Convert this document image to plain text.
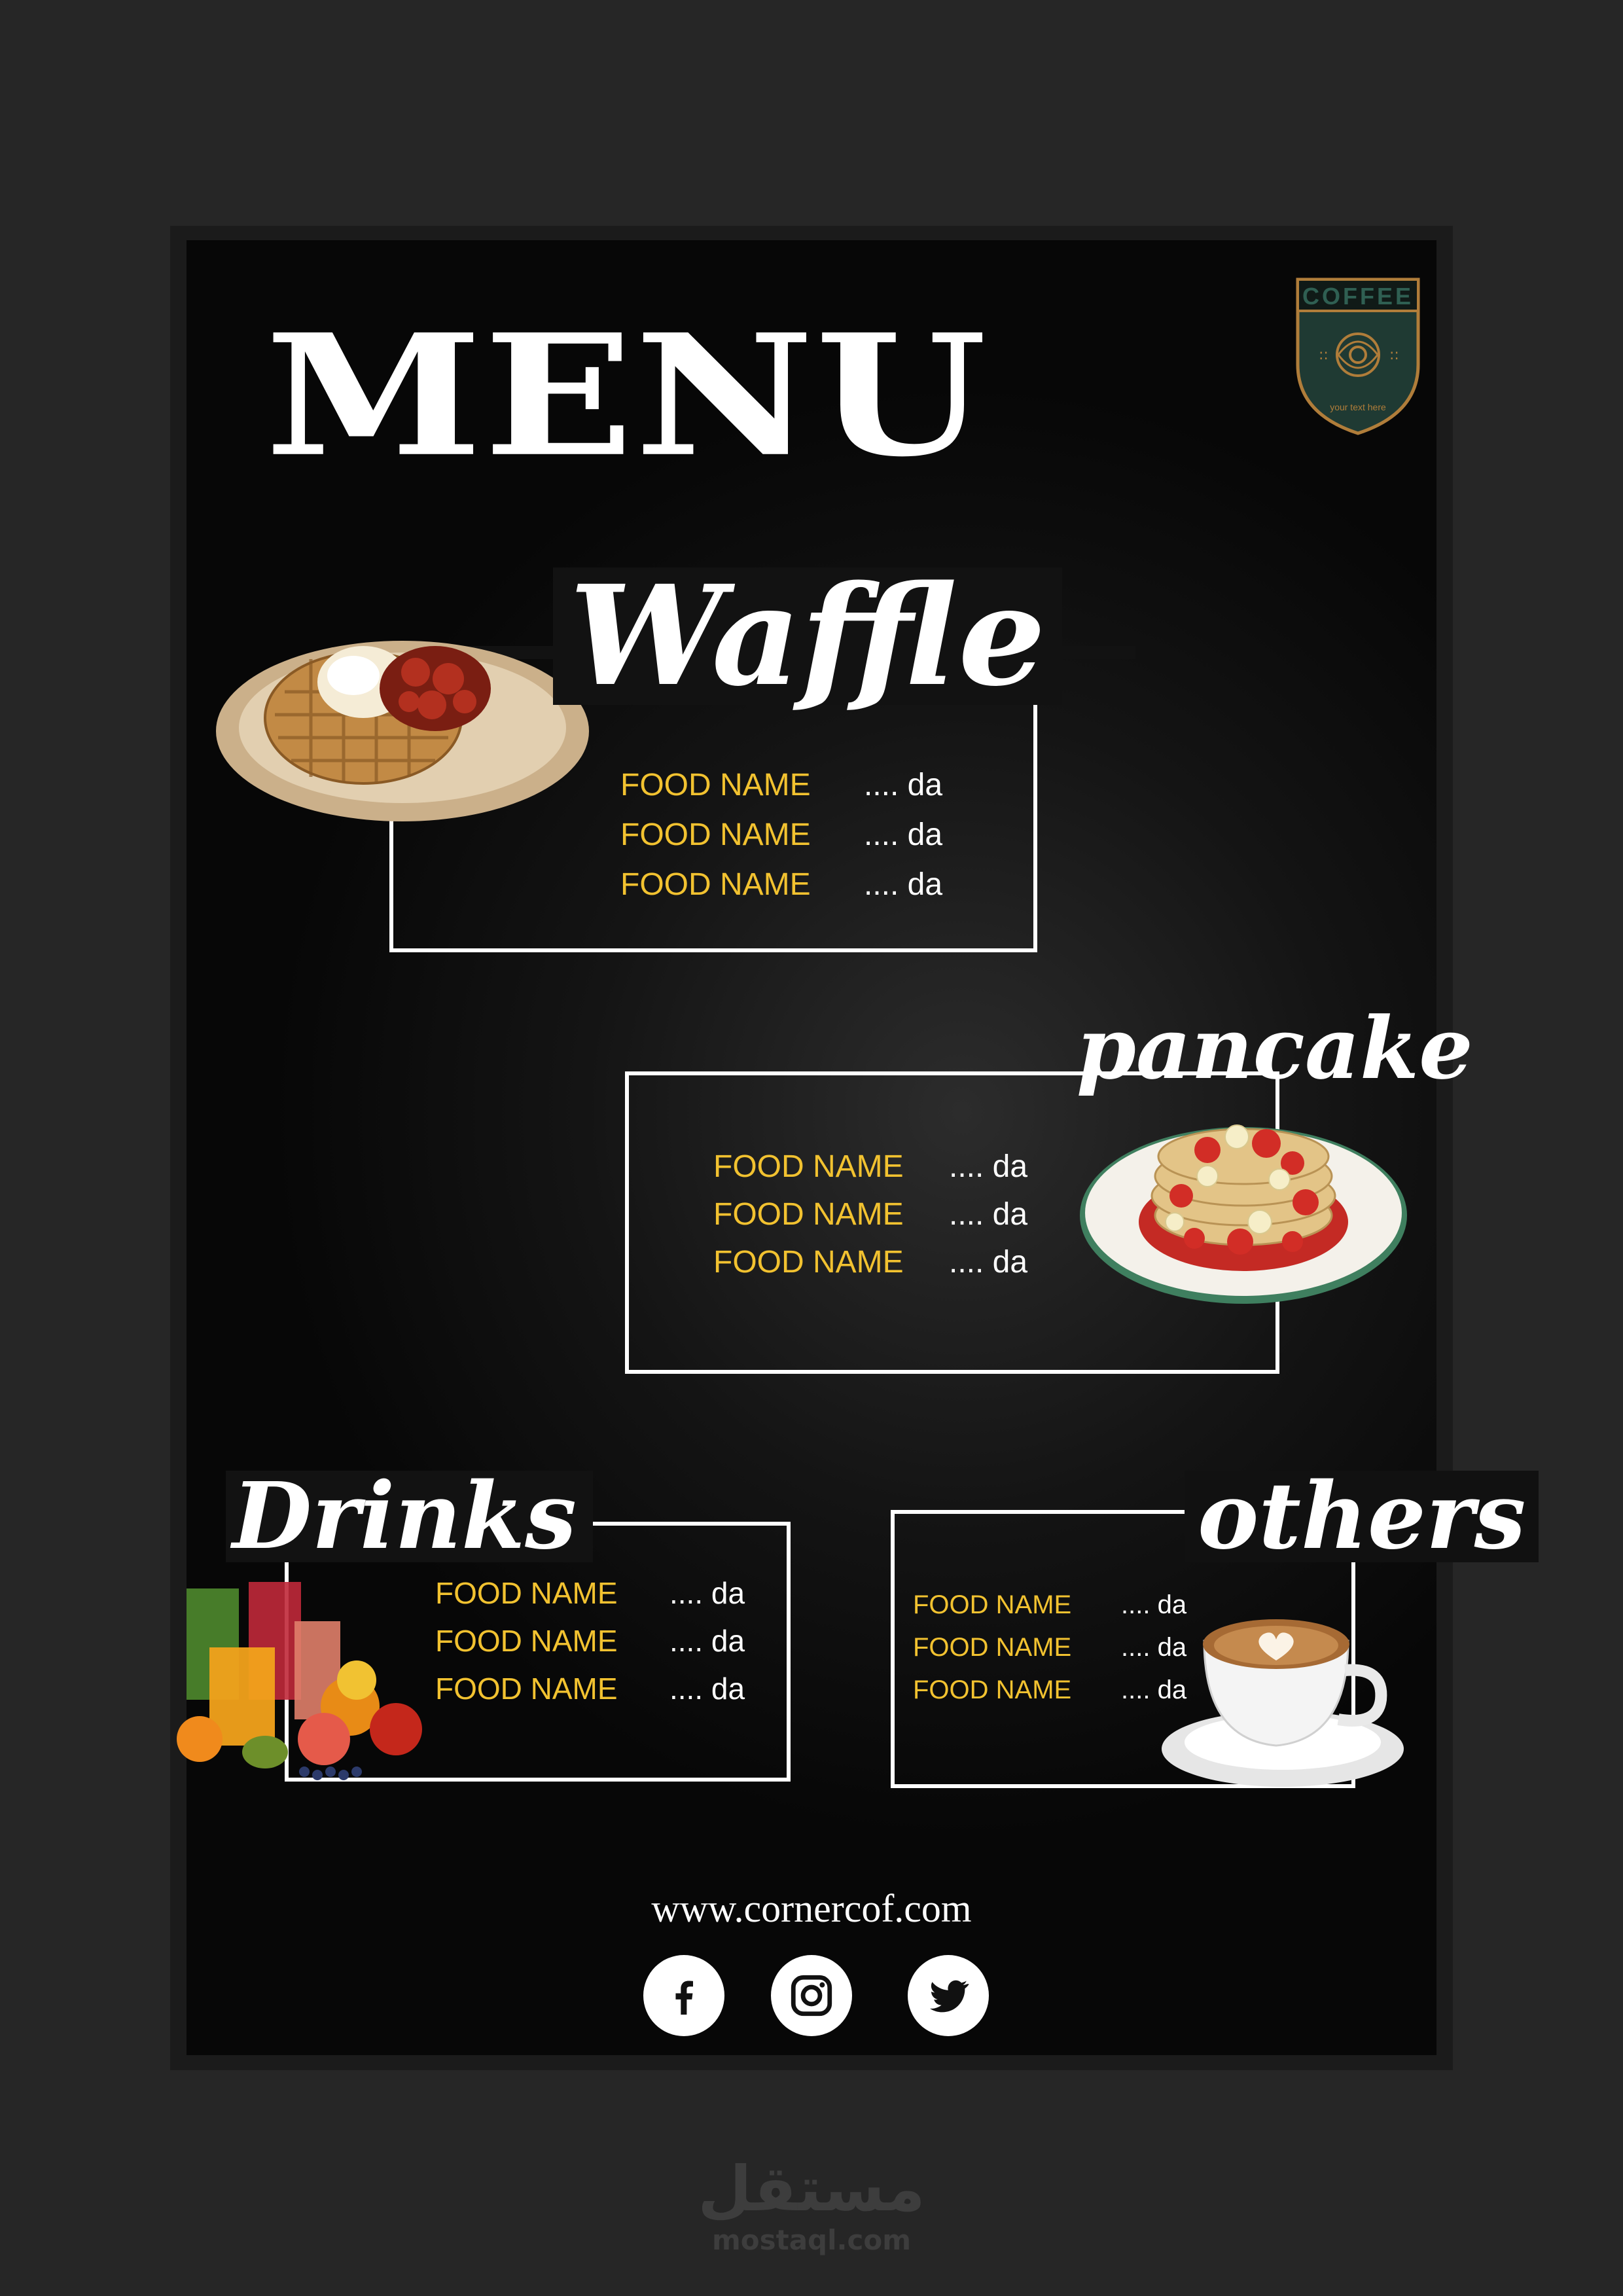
MENU
COFFEE
::	::
your text here
Waffle
FOOD NAME .... da
FOOD NAME .... da
FOOD NAME .... da
pancake
FOOD NAME .... da
FOOD NAME .... da
FOOD NAME .... da
Drinks
FOOD NAME .... da
FOOD NAME .... da
FOOD NAME .... da
others
FOOD NAME .... da
FOOD NAME .... da
FOOD NAME .... da
www.cornercof.com
مستقل
mostaql.com
